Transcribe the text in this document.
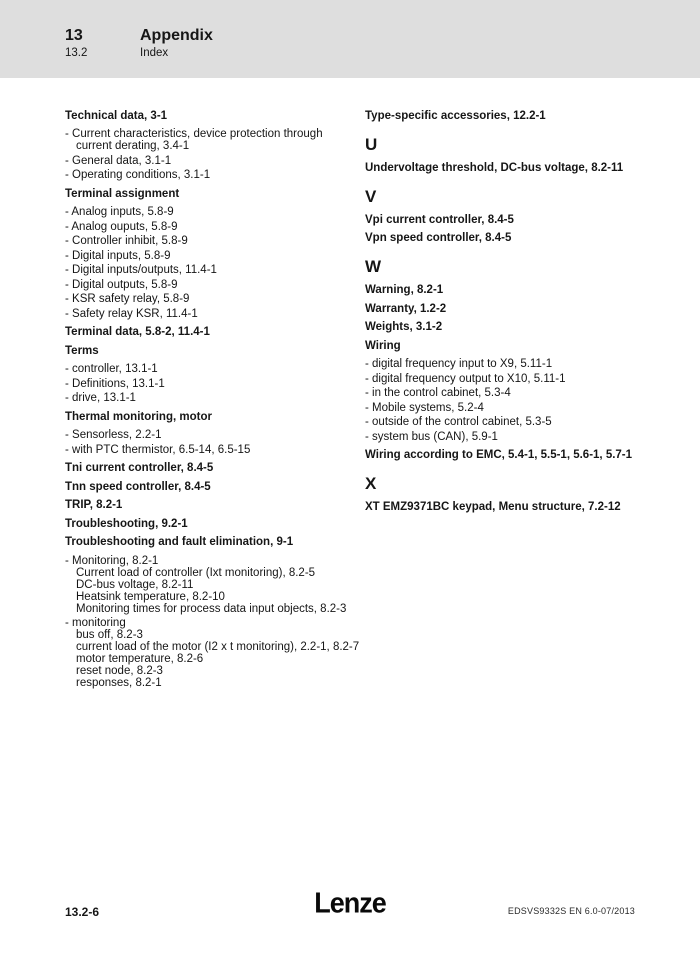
13	Appendix
13.2	Index
Technical data, 3-1
- Current characteristics, device protection through current derating, 3.4-1
- General data, 3.1-1
- Operating conditions, 3.1-1
Terminal assignment
- Analog inputs, 5.8-9
- Analog ouputs, 5.8-9
- Controller inhibit, 5.8-9
- Digital inputs, 5.8-9
- Digital inputs/outputs, 11.4-1
- Digital outputs, 5.8-9
- KSR safety relay, 5.8-9
- Safety relay KSR, 11.4-1
Terminal data, 5.8-2, 11.4-1
Terms
- controller, 13.1-1
- Definitions, 13.1-1
- drive, 13.1-1
Thermal monitoring, motor
- Sensorless, 2.2-1
- with PTC thermistor, 6.5-14, 6.5-15
Tni current controller, 8.4-5
Tnn speed controller, 8.4-5
TRIP, 8.2-1
Troubleshooting, 9.2-1
Troubleshooting and fault elimination, 9-1
- Monitoring, 8.2-1
Current load of controller (Ixt monitoring), 8.2-5
DC-bus voltage, 8.2-11
Heatsink temperature, 8.2-10
Monitoring times for process data input objects, 8.2-3
- monitoring
bus off, 8.2-3
current load of the motor (I2 x t monitoring), 2.2-1, 8.2-7
motor temperature, 8.2-6
reset node, 8.2-3
responses, 8.2-1
Type-specific accessories, 12.2-1
U
Undervoltage threshold, DC-bus voltage, 8.2-11
V
Vpi current controller, 8.4-5
Vpn speed controller, 8.4-5
W
Warning, 8.2-1
Warranty, 1.2-2
Weights, 3.1-2
Wiring
- digital frequency input to X9, 5.11-1
- digital frequency output to X10, 5.11-1
- in the control cabinet, 5.3-4
- Mobile systems, 5.2-4
- outside of the control cabinet, 5.3-5
- system bus (CAN), 5.9-1
Wiring according to EMC, 5.4-1, 5.5-1, 5.6-1, 5.7-1
X
XT EMZ9371BC keypad, Menu structure, 7.2-12
13.2-6	Lenze	EDSVS9332S EN 6.0-07/2013
